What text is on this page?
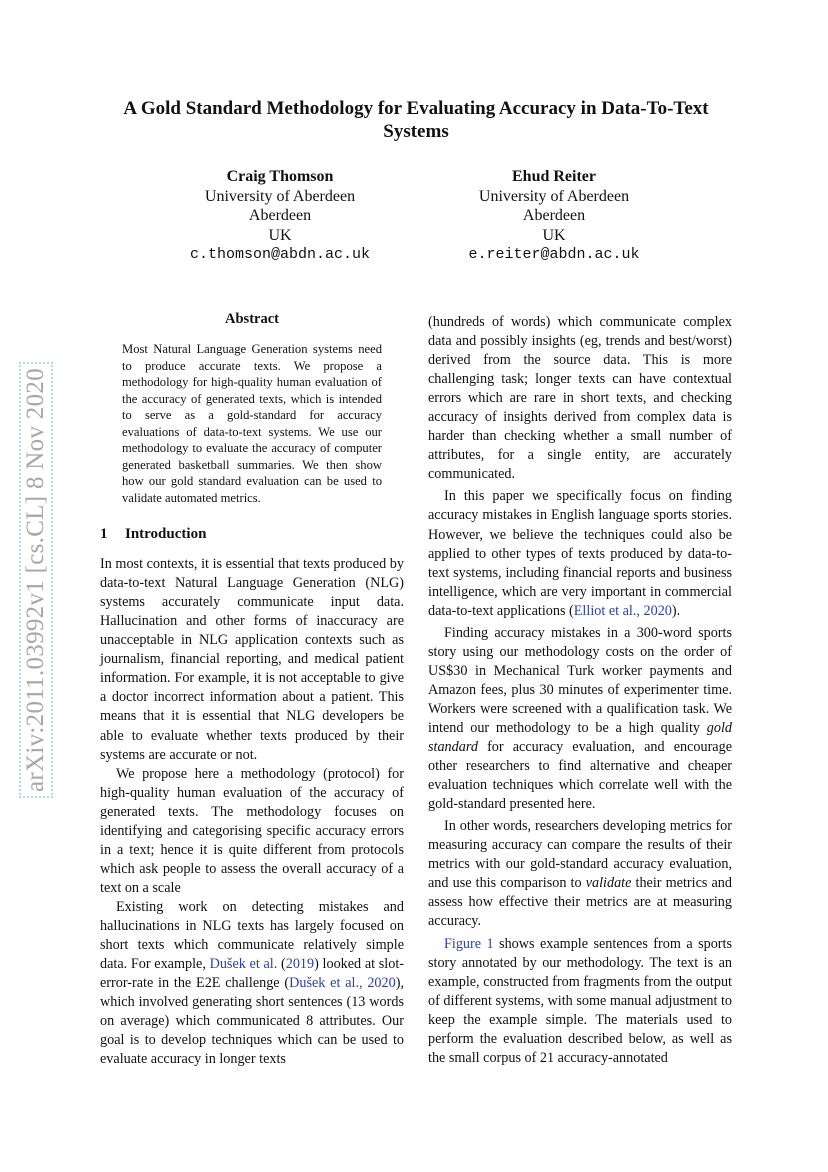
A Gold Standard Methodology for Evaluating Accuracy in Data-To-Text Systems
Craig Thomson
University of Aberdeen
Aberdeen
UK
c.thomson@abdn.ac.uk
Ehud Reiter
University of Aberdeen
Aberdeen
UK
e.reiter@abdn.ac.uk
arXiv:2011.03992v1 [cs.CL] 8 Nov 2020
Abstract
Most Natural Language Generation systems need to produce accurate texts. We propose a methodology for high-quality human evaluation of the accuracy of generated texts, which is intended to serve as a gold-standard for accuracy evaluations of data-to-text systems. We use our methodology to evaluate the accuracy of computer generated basketball summaries. We then show how our gold standard evaluation can be used to validate automated metrics.
1 Introduction

In most contexts, it is essential that texts produced by data-to-text Natural Language Generation (NLG) systems accurately communicate input data. Hallucination and other forms of inaccuracy are unacceptable in NLG application contexts such as journalism, financial reporting, and medical patient information. For example, it is not acceptable to give a doctor incorrect information about a patient. This means that it is essential that NLG developers be able to evaluate whether texts produced by their systems are accurate or not.

We propose here a methodology (protocol) for high-quality human evaluation of the accuracy of generated texts. The methodology focuses on identifying and categorising specific accuracy errors in a text; hence it is quite different from protocols which ask people to assess the overall accuracy of a text on a scale

Existing work on detecting mistakes and hallucinations in NLG texts has largely focused on short texts which communicate relatively simple data. For example, Dušek et al. (2019) looked at slot-error-rate in the E2E challenge (Dušek et al., 2020), which involved generating short sentences (13 words on average) which communicated 8 attributes. Our goal is to develop techniques which can be used to evaluate accuracy in longer texts

(hundreds of words) which communicate complex data and possibly insights (eg, trends and best/worst) derived from the source data. This is more challenging task; longer texts can have contextual errors which are rare in short texts, and checking accuracy of insights derived from complex data is harder than checking whether a small number of attributes, for a single entity, are accurately communicated.

In this paper we specifically focus on finding accuracy mistakes in English language sports stories. However, we believe the techniques could also be applied to other types of texts produced by data-to-text systems, including financial reports and business intelligence, which are very important in commercial data-to-text applications (Elliot et al., 2020).

Finding accuracy mistakes in a 300-word sports story using our methodology costs on the order of US$30 in Mechanical Turk worker payments and Amazon fees, plus 30 minutes of experimenter time. Workers were screened with a qualification task. We intend our methodology to be a high quality gold standard for accuracy evaluation, and encourage other researchers to find alternative and cheaper evaluation techniques which correlate well with the gold-standard presented here.

In other words, researchers developing metrics for measuring accuracy can compare the results of their metrics with our gold-standard accuracy evaluation, and use this comparison to validate their metrics and assess how effective their metrics are at measuring accuracy.

Figure 1 shows example sentences from a sports story annotated by our methodology. The text is an example, constructed from fragments from the output of different systems, with some manual adjustment to keep the example simple. The materials used to perform the evaluation described below, as well as the small corpus of 21 accuracy-annotated
